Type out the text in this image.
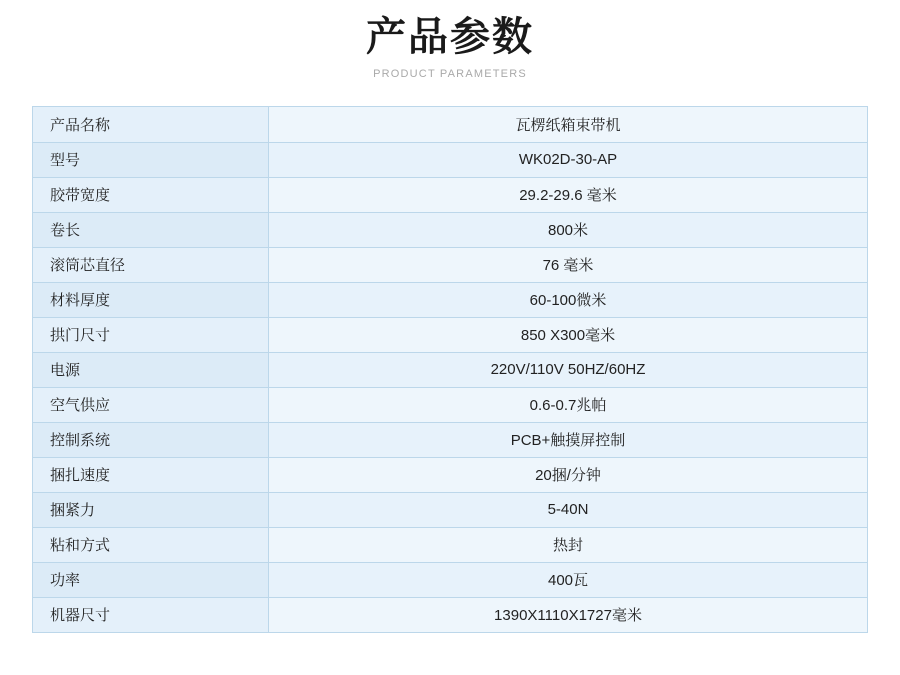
产品参数
PRODUCT PARAMETERS
产品名称	瓦楞纸箱束带机
型号	WK02D-30-AP
胶带宽度	29.2-29.6 毫米
卷长	800米
滚筒芯直径	76 毫米
材料厚度	60-100微米
拱门尺寸	850 X300毫米
电源	220V/110V 50HZ/60HZ
空气供应	0.6-0.7兆帕
控制系统	PCB+触摸屏控制
捆扎速度	20捆/分钟
捆紧力	5-40N
粘和方式	热封
功率	400瓦
机器尺寸	1390X1110X1727毫米
